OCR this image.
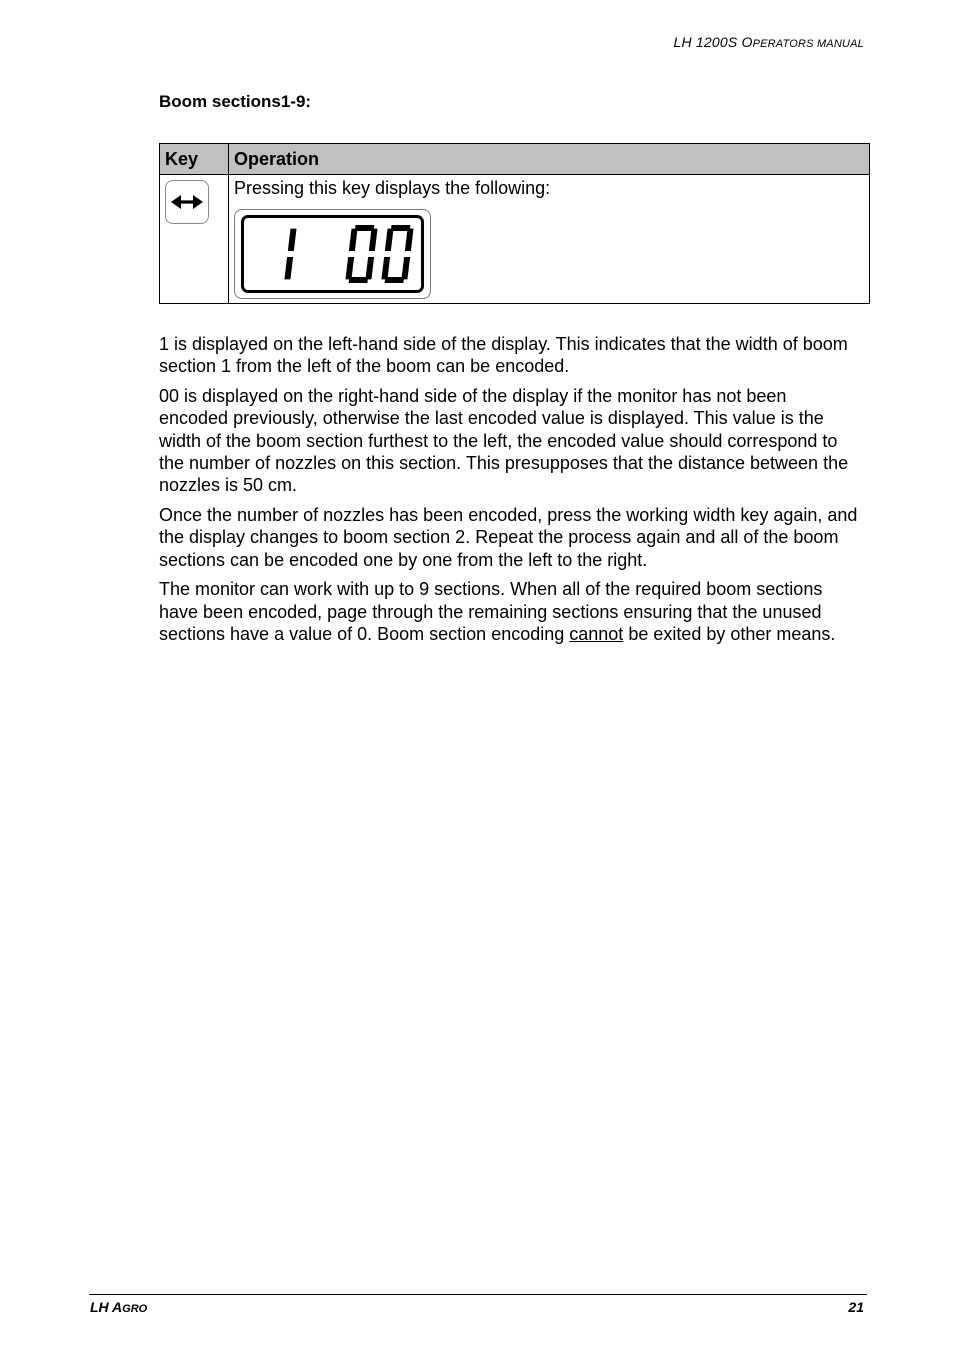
LH 1200S OPERATORS MANUAL
Boom sections1-9:
Key	Operation

Pressing this key displays the following:

1 is displayed on the left-hand side of the display. This indicates that the width of boom section 1 from the left of the boom can be encoded.

00 is displayed on the right-hand side of the display if the monitor has not been encoded previously, otherwise the last encoded value is displayed. This value is the width of the boom section furthest to the left, the encoded value should correspond to the number of nozzles on this section. This presupposes that the distance between the nozzles is 50 cm.

Once the number of nozzles has been encoded, press the working width key again, and the display changes to boom section 2. Repeat the process again and all of the boom sections can be encoded one by one from the left to the right.

The monitor can work with up to 9 sections. When all of the required boom sections have been encoded, page through the remaining sections ensuring that the unused sections have a value of 0. Boom section encoding cannot be exited by other means.

LH AGRO	21
